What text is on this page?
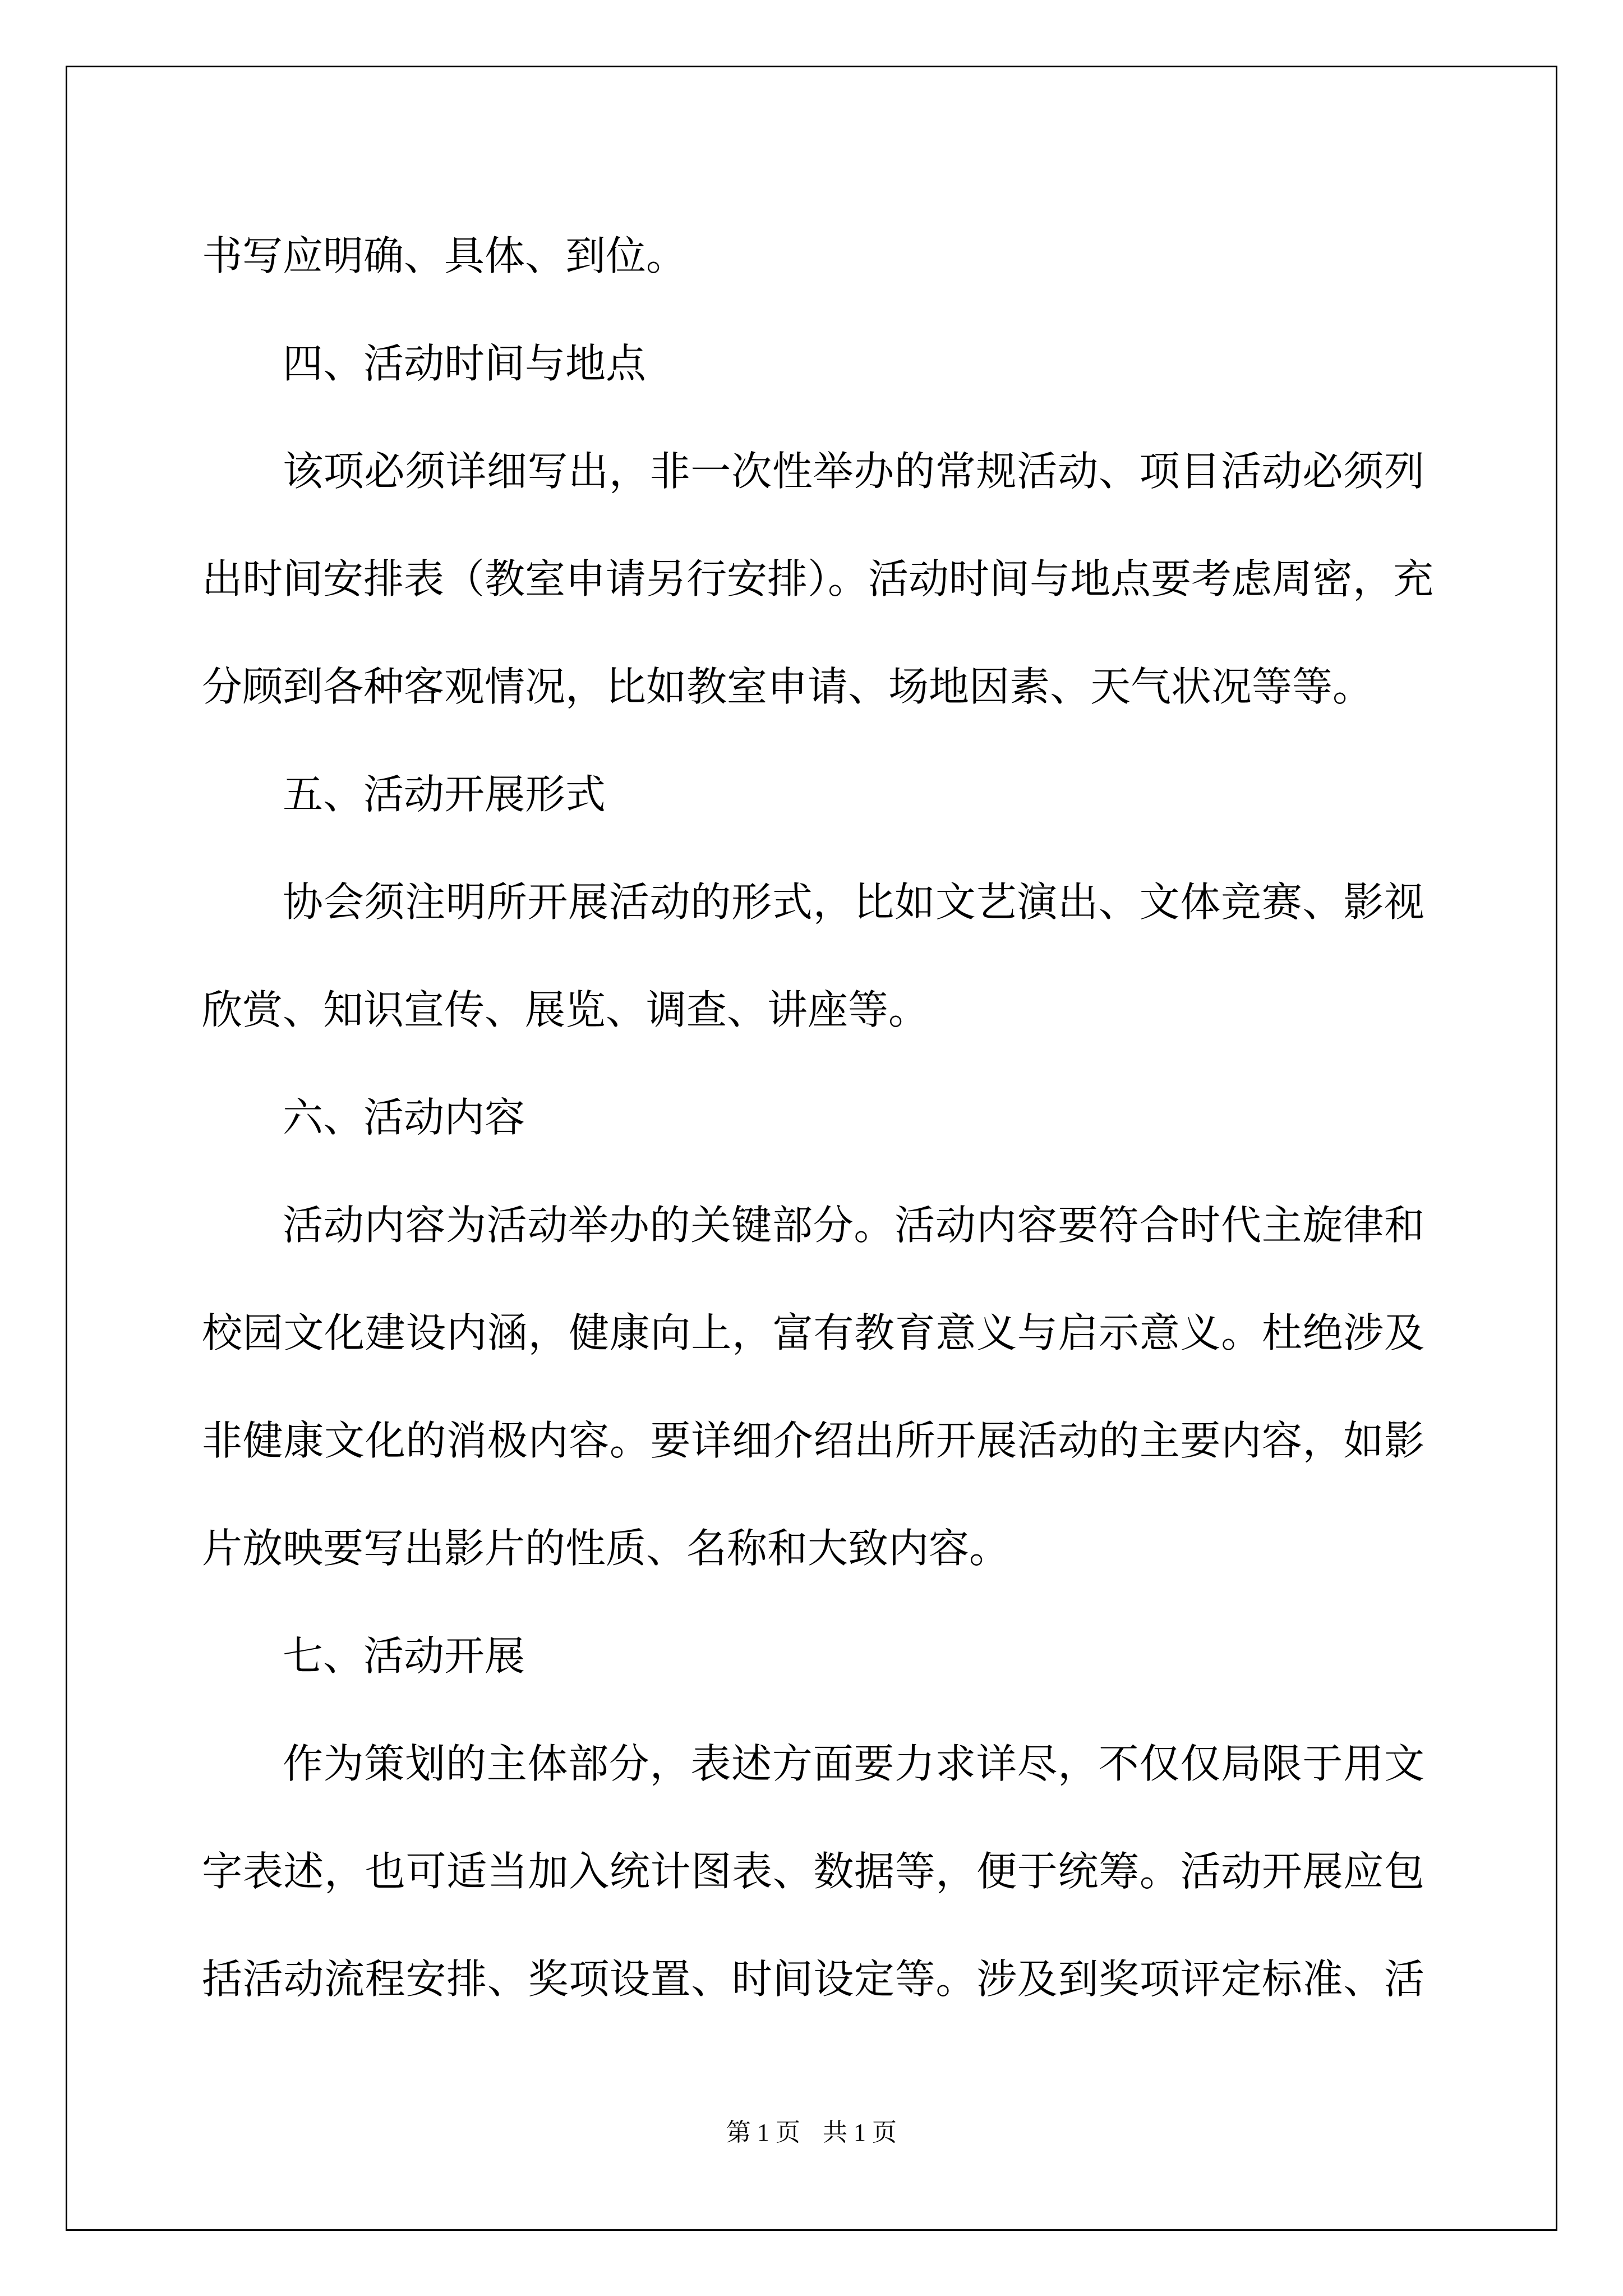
书写应明确、具体、到位。
四、活动时间与地点
该项必须详细写出，非一次性举办的常规活动、项目活动必须列
出时间安排表（教室申请另行安排）。活动时间与地点要考虑周密，充
分顾到各种客观情况，比如教室申请、场地因素、天气状况等等。
五、活动开展形式
协会须注明所开展活动的形式，比如文艺演出、文体竞赛、影视
欣赏、知识宣传、展览、调查、讲座等。
六、活动内容
活动内容为活动举办的关键部分。活动内容要符合时代主旋律和
校园文化建设内涵，健康向上，富有教育意义与启示意义。杜绝涉及
非健康文化的消极内容。要详细介绍出所开展活动的主要内容，如影
片放映要写出影片的性质、名称和大致内容。
七、活动开展
作为策划的主体部分，表述方面要力求详尽，不仅仅局限于用文
字表述，也可适当加入统计图表、数据等，便于统筹。活动开展应包
括活动流程安排、奖项设置、时间设定等。涉及到奖项评定标准、活
第 1 页 共 1 页
